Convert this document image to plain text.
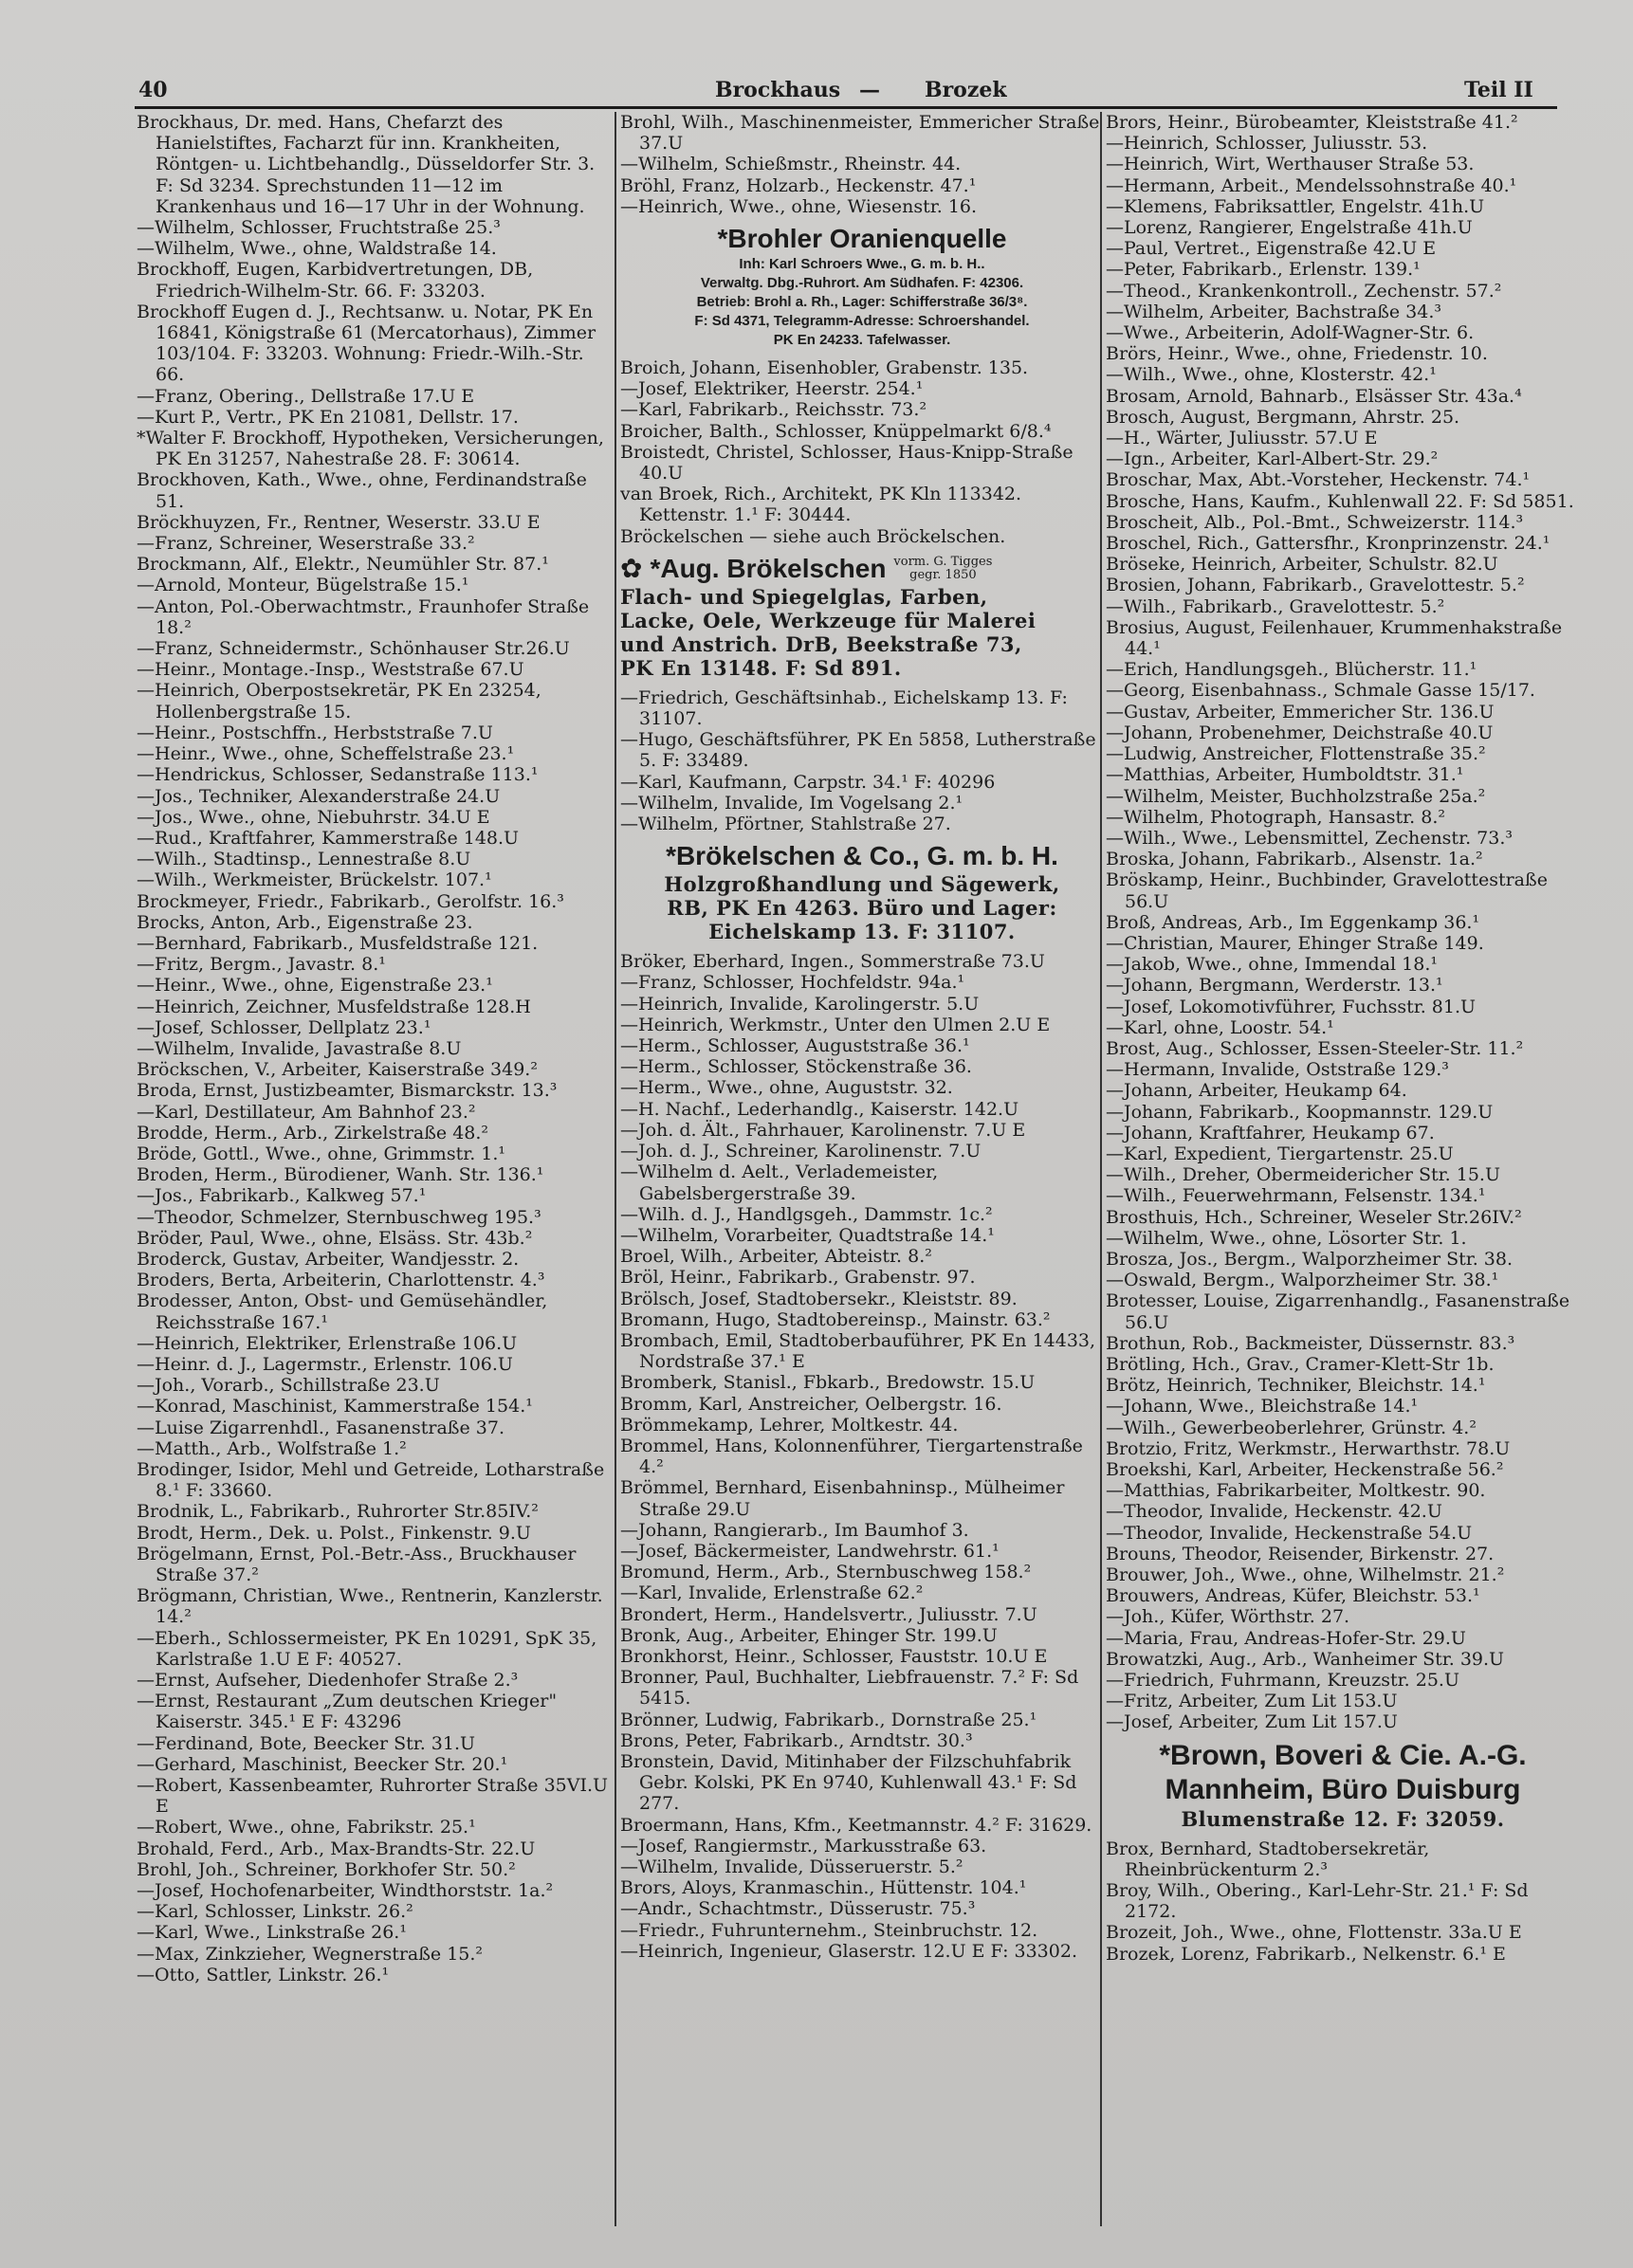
40	Brockhaus — Brozek	Teil II
Brockhaus, Dr. med. Hans, Chefarzt des Hanielstiftes, Facharzt für inn. Krankheiten, Röntgen- u. Lichtbehandlg., Düsseldorfer Str. 3. F: Sd 3234. Sprechstunden 11—12 im Krankenhaus und 16—17 Uhr in der Wohnung.
—Wilhelm, Schlosser, Fruchtstraße 25.³
—Wilhelm, Wwe., ohne, Waldstraße 14.
Brockhoff, Eugen, Karbidvertretungen, DB, Friedrich-Wilhelm-Str. 66. F: 33203.
Brockhoff Eugen d. J., Rechtsanw. u. Notar, PK En 16841, Königstraße 61 (Mercatorhaus), Zimmer 103/104. F: 33203. Wohnung: Friedr.-Wilh.-Str. 66.
—Franz, Obering., Dellstraße 17.U E
—Kurt P., Vertr., PK En 21081, Dellstr. 17.
*Walter F. Brockhoff, Hypotheken, Versicherungen, PK En 31257, Nahestraße 28. F: 30614.
Brockhoven, Kath., Wwe., ohne, Ferdinandstraße 51.
Bröckhuyzen, Fr., Rentner, Weserstr. 33.U E
—Franz, Schreiner, Weserstraße 33.²
Brockmann, Alf., Elektr., Neumühler Str. 87.¹
—Arnold, Monteur, Bügelstraße 15.¹
—Anton, Pol.-Oberwachtmstr., Fraunhofer Straße 18.²
—Franz, Schneidermstr., Schönhauser Str.26.U
—Heinr., Montage.-Insp., Weststraße 67.U
—Heinrich, Oberpostsekretär, PK En 23254, Hollenbergstraße 15.
—Heinr., Postschffn., Herbststraße 7.U
—Heinr., Wwe., ohne, Scheffelstraße 23.¹
—Hendrickus, Schlosser, Sedanstraße 113.¹
—Jos., Techniker, Alexanderstraße 24.U
—Jos., Wwe., ohne, Niebuhrstr. 34.U E
—Rud., Kraftfahrer, Kammerstraße 148.U
—Wilh., Stadtinsp., Lennestraße 8.U
—Wilh., Werkmeister, Brückelstr. 107.¹
Brockmeyer, Friedr., Fabrikarb., Gerolfstr. 16.³
Brocks, Anton, Arb., Eigenstraße 23.
—Bernhard, Fabrikarb., Musfeldstraße 121.
—Fritz, Bergm., Javastr. 8.¹
—Heinr., Wwe., ohne, Eigenstraße 23.¹
—Heinrich, Zeichner, Musfeldstraße 128.H
—Josef, Schlosser, Dellplatz 23.¹
—Wilhelm, Invalide, Javastraße 8.U
Bröckschen, V., Arbeiter, Kaiserstraße 349.²
Broda, Ernst, Justizbeamter, Bismarckstr. 13.³
—Karl, Destillateur, Am Bahnhof 23.²
Brodde, Herm., Arb., Zirkelstraße 48.²
Bröde, Gottl., Wwe., ohne, Grimmstr. 1.¹
Broden, Herm., Bürodiener, Wanh. Str. 136.¹
—Jos., Fabrikarb., Kalkweg 57.¹
—Theodor, Schmelzer, Sternbuschweg 195.³
Bröder, Paul, Wwe., ohne, Elsäss. Str. 43b.²
Broderck, Gustav, Arbeiter, Wandjesstr. 2.
Broders, Berta, Arbeiterin, Charlottenstr. 4.³
Brodesser, Anton, Obst- und Gemüsehändler, Reichsstraße 167.¹
—Heinrich, Elektriker, Erlenstraße 106.U
—Heinr. d. J., Lagermstr., Erlenstr. 106.U
—Joh., Vorarb., Schillstraße 23.U
—Konrad, Maschinist, Kammerstraße 154.¹
—Luise Zigarrenhdl., Fasanenstraße 37.
—Matth., Arb., Wolfstraße 1.²
Brodinger, Isidor, Mehl und Getreide, Lotharstraße 8.¹ F: 33660.
Brodnik, L., Fabrikarb., Ruhrorter Str.85IV.²
Brodt, Herm., Dek. u. Polst., Finkenstr. 9.U
Brögelmann, Ernst, Pol.-Betr.-Ass., Bruckhauser Straße 37.²
Brögmann, Christian, Wwe., Rentnerin, Kanzlerstr. 14.²
—Eberh., Schlossermeister, PK En 10291, SpK 35, Karlstraße 1.U E F: 40527.
—Ernst, Aufseher, Diedenhofer Straße 2.³
—Ernst, Restaurant „Zum deutschen Krieger" Kaiserstr. 345.¹ E F: 43296
—Ferdinand, Bote, Beecker Str. 31.U
—Gerhard, Maschinist, Beecker Str. 20.¹
—Robert, Kassenbeamter, Ruhrorter Straße 35VI.U E
—Robert, Wwe., ohne, Fabrikstr. 25.¹
Brohald, Ferd., Arb., Max-Brandts-Str. 22.U
Brohl, Joh., Schreiner, Borkhofer Str. 50.²
—Josef, Hochofenarbeiter, Windthorststr. 1a.²
—Karl, Schlosser, Linkstr. 26.²
—Karl, Wwe., Linkstraße 26.¹
—Max, Zinkzieher, Wegnerstraße 15.²
—Otto, Sattler, Linkstr. 26.¹
Brohl, Wilh., Maschinenmeister, Emmericher Straße 37.U
—Wilhelm, Schießmstr., Rheinstr. 44.
Bröhl, Franz, Holzarb., Heckenstr. 47.¹
—Heinrich, Wwe., ohne, Wiesenstr. 16.
*Brohler Oranienquelle
Inh: Karl Schroers Wwe., G. m. b. H..
Verwaltg. Dbg.-Ruhrort. Am Südhafen. F: 42306.
Betrieb: Brohl a. Rh., Lager: Schifferstraße 36/3⁸.
F: Sd 4371, Telegramm-Adresse: Schroershandel.
PK En 24233. Tafelwasser.
Broich, Johann, Eisenhobler, Grabenstr. 135.
—Josef, Elektriker, Heerstr. 254.¹
—Karl, Fabrikarb., Reichsstr. 73.²
Broicher, Balth., Schlosser, Knüppelmarkt 6/8.⁴
Broistedt, Christel, Schlosser, Haus-Knipp-Straße 40.U
van Broek, Rich., Architekt, PK Kln 113342. Kettenstr. 1.¹ F: 30444.
Bröckelschen — siehe auch Bröckelschen.
✿ *Aug. Brökelschen vorm. G. Tigges
gegr. 1850
Flach- und Spiegelglas, Farben,
Lacke, Oele, Werkzeuge für Malerei
und Anstrich. DrB, Beekstraße 73,
PK En 13148. F: Sd 891.
—Friedrich, Geschäftsinhab., Eichelskamp 13. F: 31107.
—Hugo, Geschäftsführer, PK En 5858, Lutherstraße 5. F: 33489.
—Karl, Kaufmann, Carpstr. 34.¹ F: 40296
—Wilhelm, Invalide, Im Vogelsang 2.¹
—Wilhelm, Pförtner, Stahlstraße 27.
*Brökelschen & Co., G. m. b. H.
Holzgroßhandlung und Sägewerk,
RB, PK En 4263. Büro und Lager:
Eichelskamp 13. F: 31107.
Bröker, Eberhard, Ingen., Sommerstraße 73.U
—Franz, Schlosser, Hochfeldstr. 94a.¹
—Heinrich, Invalide, Karolingerstr. 5.U
—Heinrich, Werkmstr., Unter den Ulmen 2.U E
—Herm., Schlosser, Auguststraße 36.¹
—Herm., Schlosser, Stöckenstraße 36.
—Herm., Wwe., ohne, Auguststr. 32.
—H. Nachf., Lederhandlg., Kaiserstr. 142.U
—Joh. d. Ält., Fahrhauer, Karolinenstr. 7.U E
—Joh. d. J., Schreiner, Karolinenstr. 7.U
—Wilhelm d. Aelt., Verlademeister, Gabelsbergerstraße 39.
—Wilh. d. J., Handlgsgeh., Dammstr. 1c.²
—Wilhelm, Vorarbeiter, Quadtstraße 14.¹
Broel, Wilh., Arbeiter, Abteistr. 8.²
Bröl, Heinr., Fabrikarb., Grabenstr. 97.
Brölsch, Josef, Stadtobersekr., Kleiststr. 89.
Bromann, Hugo, Stadtobereinsp., Mainstr. 63.²
Brombach, Emil, Stadtoberbauführer, PK En 14433, Nordstraße 37.¹ E
Bromberk, Stanisl., Fbkarb., Bredowstr. 15.U
Bromm, Karl, Anstreicher, Oelbergstr. 16.
Brömmekamp, Lehrer, Moltkestr. 44.
Brommel, Hans, Kolonnenführer, Tiergartenstraße 4.²
Brömmel, Bernhard, Eisenbahninsp., Mülheimer Straße 29.U
—Johann, Rangierarb., Im Baumhof 3.
—Josef, Bäckermeister, Landwehrstr. 61.¹
Bromund, Herm., Arb., Sternbuschweg 158.²
—Karl, Invalide, Erlenstraße 62.²
Brondert, Herm., Handelsvertr., Juliusstr. 7.U
Bronk, Aug., Arbeiter, Ehinger Str. 199.U
Bronkhorst, Heinr., Schlosser, Fauststr. 10.U E
Bronner, Paul, Buchhalter, Liebfrauenstr. 7.² F: Sd 5415.
Brönner, Ludwig, Fabrikarb., Dornstraße 25.¹
Brons, Peter, Fabrikarb., Arndtstr. 30.³
Bronstein, David, Mitinhaber der Filzschuhfabrik Gebr. Kolski, PK En 9740, Kuhlenwall 43.¹ F: Sd 277.
Broermann, Hans, Kfm., Keetmannstr. 4.² F: 31629.
—Josef, Rangiermstr., Markusstraße 63.
—Wilhelm, Invalide, Düsseruerstr. 5.²
Brors, Aloys, Kranmaschin., Hüttenstr. 104.¹
—Andr., Schachtmstr., Düsserustr. 75.³
—Friedr., Fuhrunternehm., Steinbruchstr. 12.
—Heinrich, Ingenieur, Glaserstr. 12.U E F: 33302.
Brors, Heinr., Bürobeamter, Kleiststraße 41.²
—Heinrich, Schlosser, Juliusstr. 53.
—Heinrich, Wirt, Werthauser Straße 53.
—Hermann, Arbeit., Mendelssohnstraße 40.¹
—Klemens, Fabriksattler, Engelstr. 41h.U
—Lorenz, Rangierer, Engelstraße 41h.U
—Paul, Vertret., Eigenstraße 42.U E
—Peter, Fabrikarb., Erlenstr. 139.¹
—Theod., Krankenkontroll., Zechenstr. 57.²
—Wilhelm, Arbeiter, Bachstraße 34.³
—Wwe., Arbeiterin, Adolf-Wagner-Str. 6.
Brörs, Heinr., Wwe., ohne, Friedenstr. 10.
—Wilh., Wwe., ohne, Klosterstr. 42.¹
Brosam, Arnold, Bahnarb., Elsässer Str. 43a.⁴
Brosch, August, Bergmann, Ahrstr. 25.
—H., Wärter, Juliusstr. 57.U E
—Ign., Arbeiter, Karl-Albert-Str. 29.²
Broschar, Max, Abt.-Vorsteher, Heckenstr. 74.¹
Brosche, Hans, Kaufm., Kuhlenwall 22. F: Sd 5851.
Broscheit, Alb., Pol.-Bmt., Schweizerstr. 114.³
Broschel, Rich., Gattersfhr., Kronprinzenstr. 24.¹
Bröseke, Heinrich, Arbeiter, Schulstr. 82.U
Brosien, Johann, Fabrikarb., Gravelottestr. 5.²
—Wilh., Fabrikarb., Gravelottestr. 5.²
Brosius, August, Feilenhauer, Krummenhakstraße 44.¹
—Erich, Handlungsgeh., Blücherstr. 11.¹
—Georg, Eisenbahnass., Schmale Gasse 15/17.
—Gustav, Arbeiter, Emmericher Str. 136.U
—Johann, Probenehmer, Deichstraße 40.U
—Ludwig, Anstreicher, Flottenstraße 35.²
—Matthias, Arbeiter, Humboldtstr. 31.¹
—Wilhelm, Meister, Buchholzstraße 25a.²
—Wilhelm, Photograph, Hansastr. 8.²
—Wilh., Wwe., Lebensmittel, Zechenstr. 73.³
Broska, Johann, Fabrikarb., Alsenstr. 1a.²
Bröskamp, Heinr., Buchbinder, Gravelottestraße 56.U
Broß, Andreas, Arb., Im Eggenkamp 36.¹
—Christian, Maurer, Ehinger Straße 149.
—Jakob, Wwe., ohne, Immendal 18.¹
—Johann, Bergmann, Werderstr. 13.¹
—Josef, Lokomotivführer, Fuchsstr. 81.U
—Karl, ohne, Loostr. 54.¹
Brost, Aug., Schlosser, Essen-Steeler-Str. 11.²
—Hermann, Invalide, Oststraße 129.³
—Johann, Arbeiter, Heukamp 64.
—Johann, Fabrikarb., Koopmannstr. 129.U
—Johann, Kraftfahrer, Heukamp 67.
—Karl, Expedient, Tiergartenstr. 25.U
—Wilh., Dreher, Obermeidericher Str. 15.U
—Wilh., Feuerwehrmann, Felsenstr. 134.¹
Brosthuis, Hch., Schreiner, Weseler Str.26IV.²
—Wilhelm, Wwe., ohne, Lösorter Str. 1.
Brosza, Jos., Bergm., Walporzheimer Str. 38.
—Oswald, Bergm., Walporzheimer Str. 38.¹
Brotesser, Louise, Zigarrenhandlg., Fasanenstraße 56.U
Brothun, Rob., Backmeister, Düssernstr. 83.³
Brötling, Hch., Grav., Cramer-Klett-Str 1b.
Brötz, Heinrich, Techniker, Bleichstr. 14.¹
—Johann, Wwe., Bleichstraße 14.¹
—Wilh., Gewerbeoberlehrer, Grünstr. 4.²
Brotzio, Fritz, Werkmstr., Herwarthstr. 78.U
Broekshi, Karl, Arbeiter, Heckenstraße 56.²
—Matthias, Fabrikarbeiter, Moltkestr. 90.
—Theodor, Invalide, Heckenstr. 42.U
—Theodor, Invalide, Heckenstraße 54.U
Brouns, Theodor, Reisender, Birkenstr. 27.
Brouwer, Joh., Wwe., ohne, Wilhelmstr. 21.²
Brouwers, Andreas, Küfer, Bleichstr. 53.¹
—Joh., Küfer, Wörthstr. 27.
—Maria, Frau, Andreas-Hofer-Str. 29.U
Browatzki, Aug., Arb., Wanheimer Str. 39.U
—Friedrich, Fuhrmann, Kreuzstr. 25.U
—Fritz, Arbeiter, Zum Lit 153.U
—Josef, Arbeiter, Zum Lit 157.U
*Brown, Boveri & Cie. A.-G.
Mannheim, Büro Duisburg
Blumenstraße 12. F: 32059.
Brox, Bernhard, Stadtobersekretär, Rheinbrückenturm 2.³
Broy, Wilh., Obering., Karl-Lehr-Str. 21.¹ F: Sd 2172.
Brozeit, Joh., Wwe., ohne, Flottenstr. 33a.U E
Brozek, Lorenz, Fabrikarb., Nelkenstr. 6.¹ E
